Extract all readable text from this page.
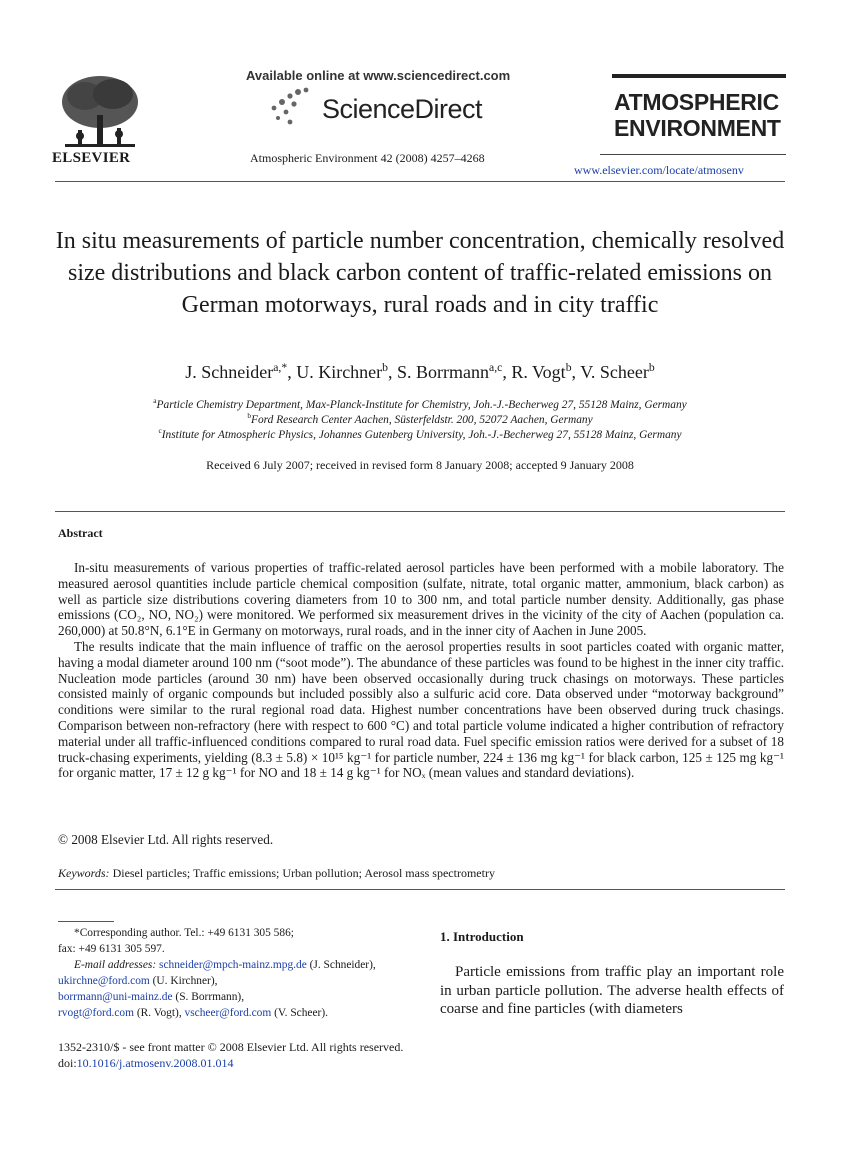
ELSEVIER
Available online at www.sciencedirect.com
ScienceDirect
Atmospheric Environment 42 (2008) 4257–4268
ATMOSPHERIC
ENVIRONMENT
www.elsevier.com/locate/atmosenv
In situ measurements of particle number concentration, chemically resolved size distributions and black carbon content of traffic-related emissions on German motorways, rural roads and in city traffic
J. Schneider$^{a,*}$, U. Kirchner$^b$, S. Borrmann$^{a,c}$, R. Vogt$^b$, V. Scheer$^b$
$^a$Particle Chemistry Department, Max-Planck-Institute for Chemistry, Joh.-J.-Becherweg 27, 55128 Mainz, Germany
$^b$Ford Research Center Aachen, Süsterfeldstr. 200, 52072 Aachen, Germany
$^c$Institute for Atmospheric Physics, Johannes Gutenberg University, Joh.-J.-Becherweg 27, 55128 Mainz, Germany
Received 6 July 2007; received in revised form 8 January 2008; accepted 9 January 2008
Abstract

In-situ measurements of various properties of traffic-related aerosol particles have been performed with a mobile laboratory. The measured aerosol quantities include particle chemical composition (sulfate, nitrate, total organic matter, ammonium, black carbon) as well as particle size distributions covering diameters from 10 to 300 nm, and total particle number density. Additionally, gas phase emissions (CO₂, NO, NO₂) were monitored. We performed six measurement drives in the vicinity of the city of Aachen (population ca. 260,000) at 50.8°N, 6.1°E in Germany on motorways, rural roads, and in the inner city of Aachen in June 2005.

The results indicate that the main influence of traffic on the aerosol properties results in soot particles coated with organic matter, having a modal diameter around 100 nm (“soot mode”). The abundance of these particles was found to be highest in the inner city traffic. Nucleation mode particles (around 30 nm) have been observed occasionally during truck chasings on motorways. These particles consisted mainly of organic compounds but included possibly also a sulfuric acid core. Data observed under “motorway background” conditions were similar to the rural regional road data. Highest number concentrations have been observed during truck chasings. Comparison between non-refractory (here with respect to 600 °C) and total particle volume indicated a higher contribution of refractory material under all traffic-influenced conditions compared to rural road data. Fuel specific emission ratios were derived for a subset of 18 truck-chasing experiments, yielding (8.3 ± 5.8) × 10¹⁵ kg⁻¹ for particle number, 224 ± 136 mg kg⁻¹ for black carbon, 125 ± 125 mg kg⁻¹ for organic matter, 17 ± 12 g kg⁻¹ for NO and 18 ± 14 g kg⁻¹ for NOₓ (mean values and standard deviations).

© 2008 Elsevier Ltd. All rights reserved.
Keywords: Diesel particles; Traffic emissions; Urban pollution; Aerosol mass spectrometry
*Corresponding author. Tel.: +49 6131 305 586;
fax: +49 6131 305 597.
E-mail addresses: schneider@mpch-mainz.mpg.de (J. Schneider),
ukirchne@ford.com (U. Kirchner),
borrmann@uni-mainz.de (S. Borrmann),
rvogt@ford.com (R. Vogt), vscheer@ford.com (V. Scheer).
1352-2310/$ - see front matter © 2008 Elsevier Ltd. All rights reserved.
doi:10.1016/j.atmosenv.2008.01.014
1. Introduction

Particle emissions from traffic play an important role in urban particle pollution. The adverse health effects of coarse and fine particles (with diameters
